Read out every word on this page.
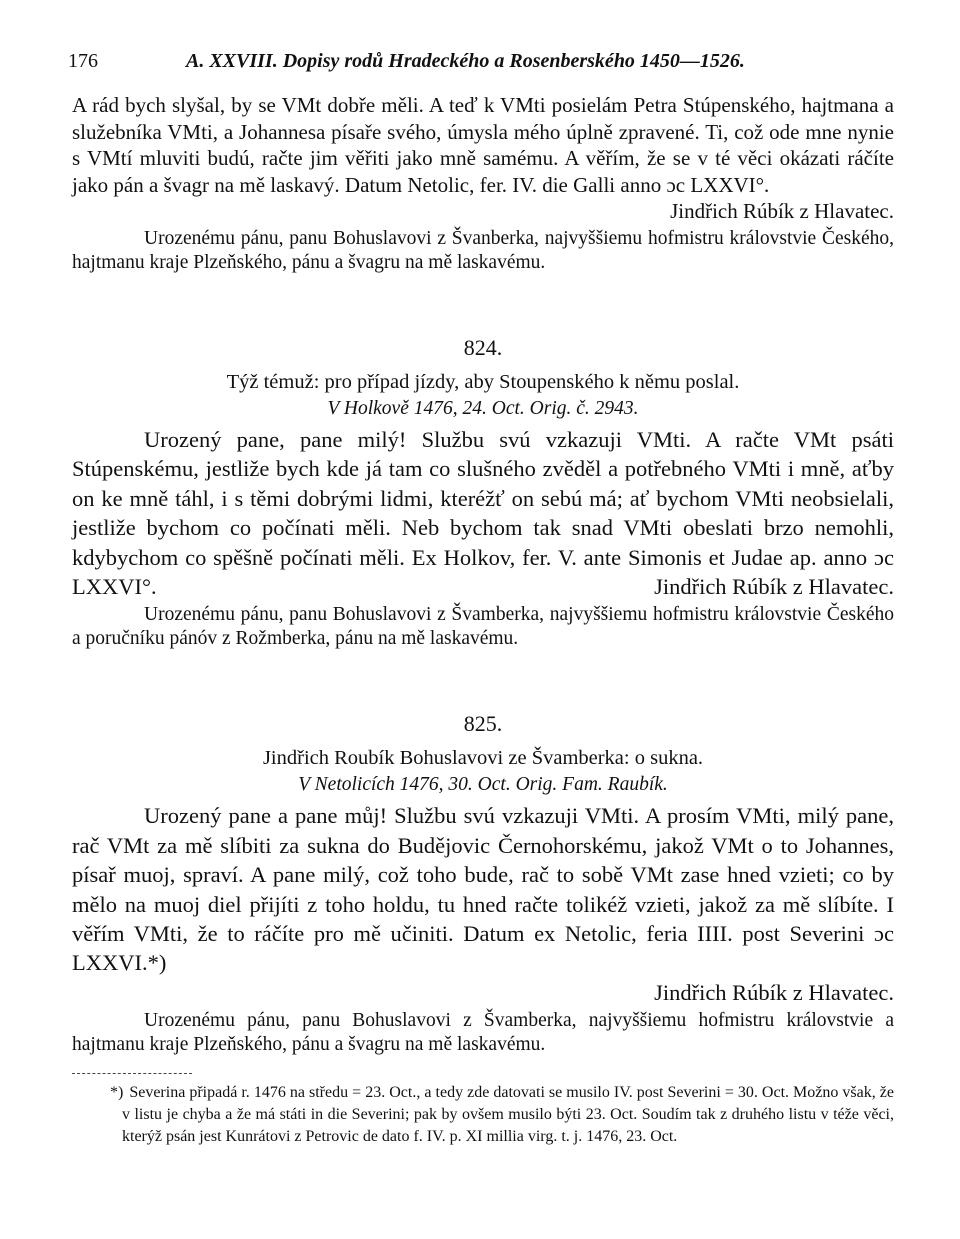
176	A. XXVIII. Dopisy rodů Hradeckého a Rosenberského 1450—1526.

A rád bych slyšal, by se VMt dobře měli. A teď k VMti posielám Petra Stúpenského, hajtmana a služebníka VMti, a Johannesa písaře svého, úmysla mého úplně zpravené. Ti, což ode mne nynie s VMtí mluviti budú, račte jim věřiti jako mně samému. A věřím, že se v té věci okázati ráčíte jako pán a švagr na mě laskavý. Datum Netolic, fer. IV. die Galli anno ɔc LXXVI°.
Jindřich Rúbík z Hlavatec.

Urozenému pánu, panu Bohuslavovi z Švanberka, najvyššiemu hofmistru královstvie Českého, hajtmanu kraje Plzeňského, pánu a švagru na mě laskavému.

824.
Týž témuž: pro případ jízdy, aby Stoupenského k němu poslal.
V Holkově 1476, 24. Oct. Orig. č. 2943.

Urozený pane, pane milý! Službu svú vzkazuji VMti. A račte VMt psáti Stúpenskému, jestliže bych kde já tam co slušného zvěděl a potřebného VMti i mně, aťby on ke mně táhl, i s těmi dobrými lidmi, kteréžť on sebú má; ať bychom VMti neobsielali, jestliže bychom co počínati měli. Neb bychom tak snad VMti obeslati brzo nemohli, kdybychom co spěšně počínati měli. Ex Holkov, fer. V. ante Simonis et Judae ap. anno ɔc LXXVI°.	Jindřich Rúbík z Hlavatec.

Urozenému pánu, panu Bohuslavovi z Švamberka, najvyššiemu hofmistru královstvie Českého a poručníku pánóv z Rožmberka, pánu na mě laskavému.

825.
Jindřich Roubík Bohuslavovi ze Švamberka: o sukna.
V Netolicích 1476, 30. Oct. Orig. Fam. Raubík.

Urozený pane a pane můj! Službu svú vzkazuji VMti. A prosím VMti, milý pane, rač VMt za mě slíbiti za sukna do Budějovic Černohorskému, jakož VMt o to Johannes, písař muoj, spraví. A pane milý, což toho bude, rač to sobě VMt zase hned vzieti; co by mělo na muoj diel přijíti z toho holdu, tu hned račte tolikéž vzieti, jakož za mě slíbíte. I věřím VMti, že to ráčíte pro mě učiniti. Datum ex Netolic, feria IIII. post Severini ɔc LXXVI.*)

Jindřich Rúbík z Hlavatec.

Urozenému pánu, panu Bohuslavovi z Švamberka, najvyššiemu hofmistru královstvie a hajtmanu kraje Plzeňského, pánu a švagru na mě laskavému.

*) Severina připadá r. 1476 na středu = 23. Oct., a tedy zde datovati se musilo IV. post Severini = 30. Oct. Možno však, že v listu je chyba a že má státi in die Severini; pak by ovšem musilo býti 23. Oct. Soudím tak z druhého listu v téže věci, kterýž psán jest Kunrátovi z Petrovic de dato f. IV. p. XI millia virg. t. j. 1476, 23. Oct.
